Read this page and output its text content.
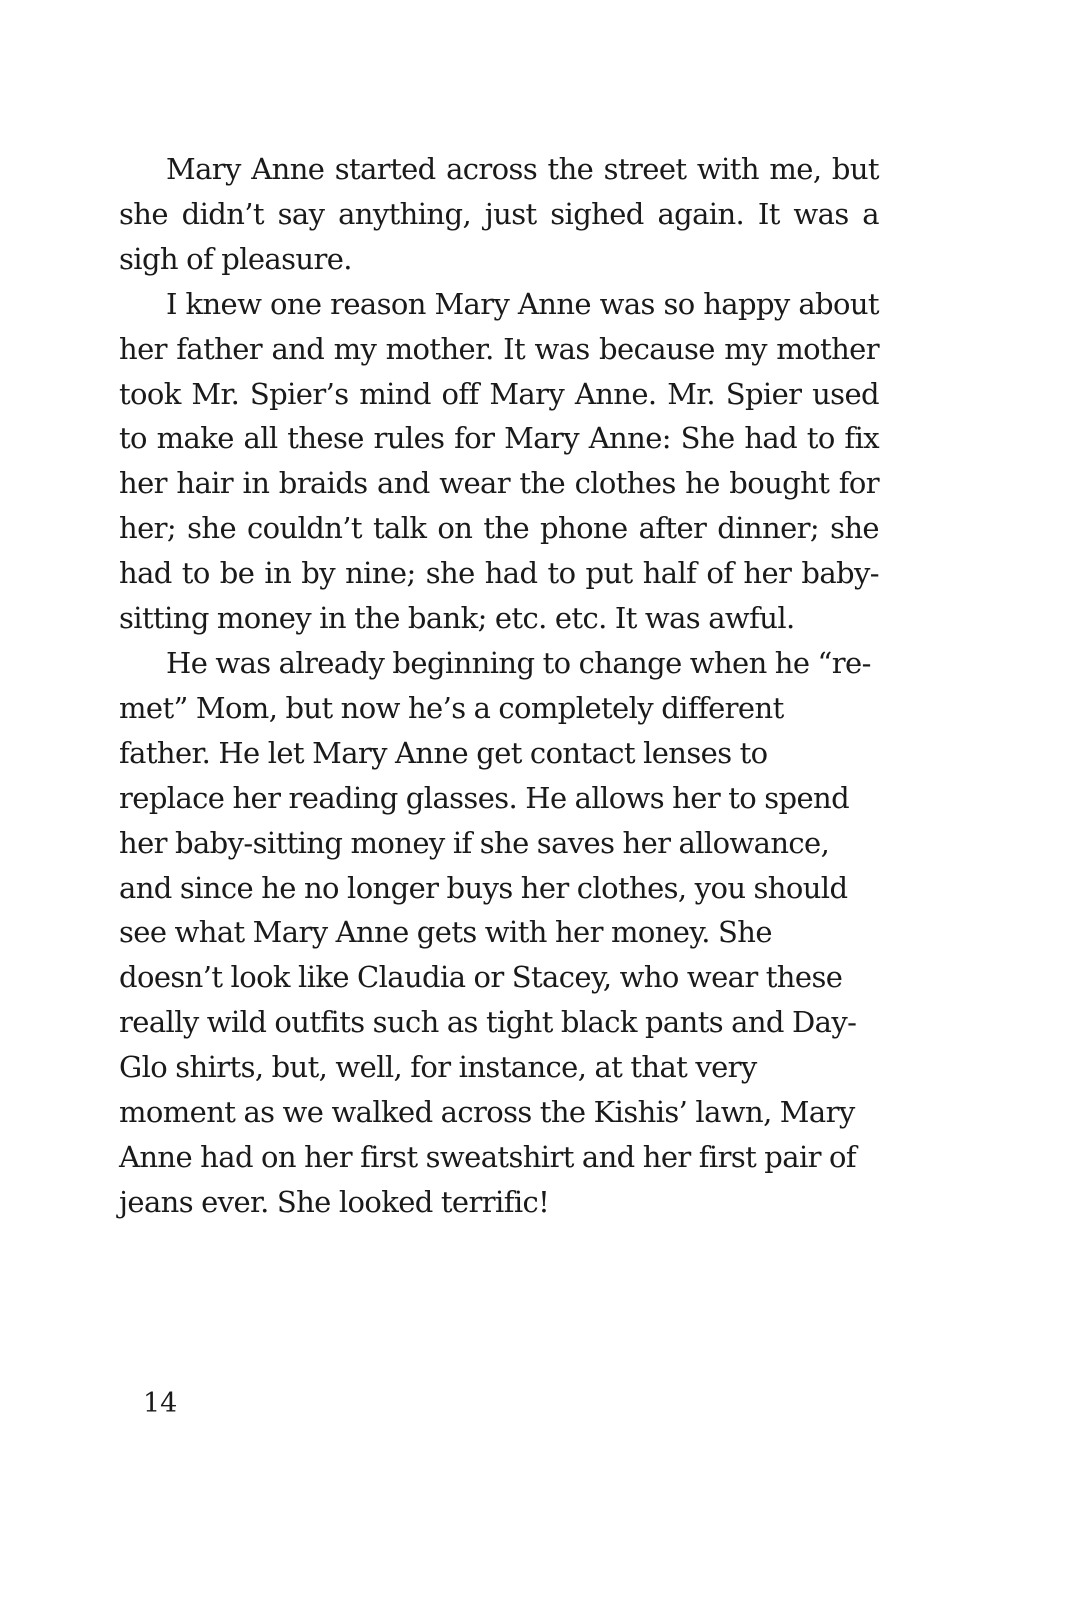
Mary Anne started across the street with me, but she didn’t say anything, just sighed again. It was a sigh of pleasure.

I knew one reason Mary Anne was so happy about her father and my mother. It was because my mother took Mr. Spier’s mind off Mary Anne. Mr. Spier used to make all these rules for Mary Anne: She had to fix her hair in braids and wear the clothes he bought for her; she couldn’t talk on the phone after dinner; she had to be in by nine; she had to put half of her baby-sitting money in the bank; etc. etc. It was awful.

He was already beginning to change when he “re-met” Mom, but now he’s a completely different father. He let Mary Anne get contact lenses to replace her reading glasses. He allows her to spend her baby-sitting money if she saves her allowance, and since he no longer buys her clothes, you should see what Mary Anne gets with her money. She doesn’t look like Claudia or Stacey, who wear these really wild outfits such as tight black pants and Day-Glo shirts, but, well, for instance, at that very moment as we walked across the Kishis’ lawn, Mary Anne had on her first sweatshirt and her first pair of jeans ever. She looked terrific!

14
